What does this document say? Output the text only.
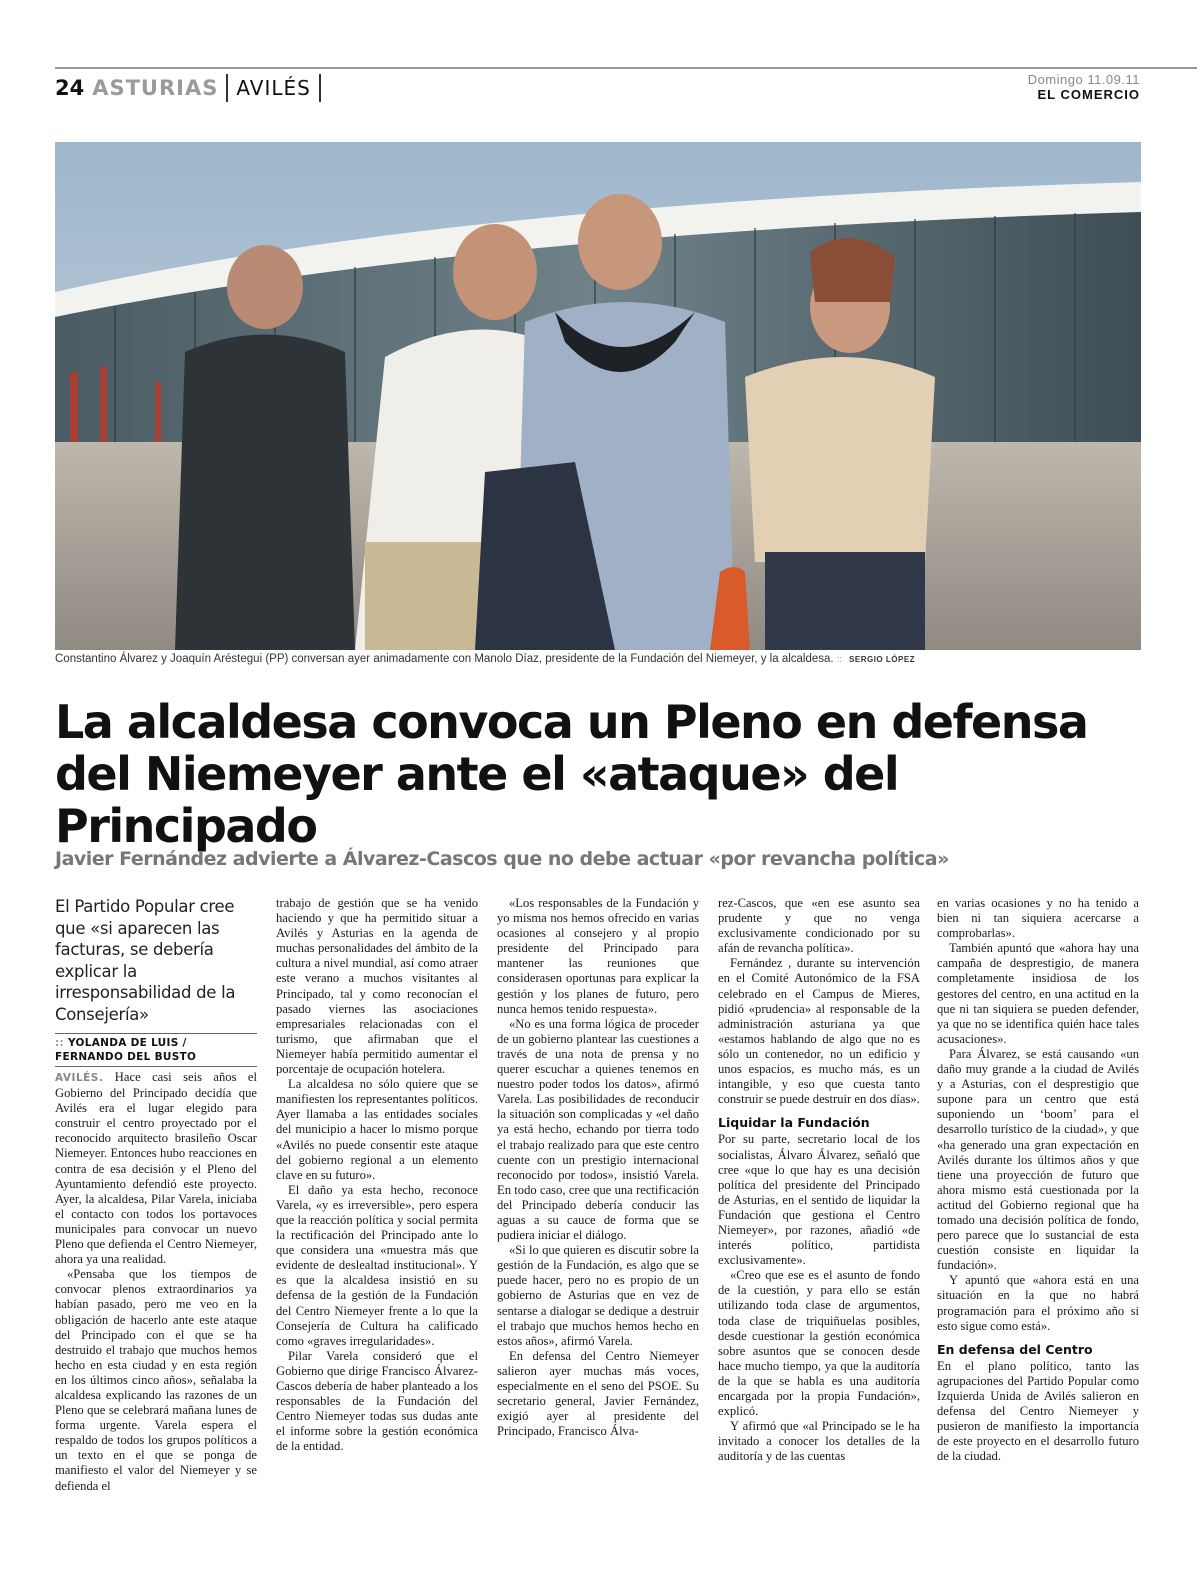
24 ASTURIAS AVILÉS	Domingo 11.09.11
EL COMERCIO
Constantino Álvarez y Joaquín Aréstegui (PP) conversan ayer animadamente con Manolo Díaz, presidente de la Fundación del Niemeyer, y la alcaldesa. :: SERGIO LÓPEZ
La alcaldesa convoca un Pleno en defensa del Niemeyer ante el «ataque» del Principado
Javier Fernández advierte a Álvarez-Cascos que no debe actuar «por revancha política»
El Partido Popular cree que «si aparecen las facturas, se debería explicar la irresponsabilidad de la Consejería»
:: YOLANDA DE LUIS /
FERNANDO DEL BUSTO

AVILÉS. Hace casi seis años el Gobierno del Principado decidía que Avilés era el lugar elegido para construir el centro proyectado por el reconocido arquitecto brasileño Oscar Niemeyer. Entonces hubo reacciones en contra de esa decisión y el Pleno del Ayuntamiento defendió este proyecto. Ayer, la alcaldesa, Pilar Varela, iniciaba el contacto con todos los portavoces municipales para convocar un nuevo Pleno que defienda el Centro Niemeyer, ahora ya una realidad.

«Pensaba que los tiempos de convocar plenos extraordinarios ya habían pasado, pero me veo en la obligación de hacerlo ante este ataque del Principado con el que se ha destruido el trabajo que muchos hemos hecho en esta ciudad y en esta región en los últimos cinco años», señalaba la alcaldesa explicando las razones de un Pleno que se celebrará mañana lunes de forma urgente. Varela espera el respaldo de todos los grupos políticos a un texto en el que se ponga de manifiesto el valor del Niemeyer y se defienda el

trabajo de gestión que se ha venido haciendo y que ha permitido situar a Avilés y Asturias en la agenda de muchas personalidades del ámbito de la cultura a nivel mundial, así como atraer este verano a muchos visitantes al Principado, tal y como reconocían el pasado viernes las asociaciones empresariales relacionadas con el turismo, que afirmaban que el Niemeyer había permitido aumentar el porcentaje de ocupación hotelera.

La alcaldesa no sólo quiere que se manifiesten los representantes políticos. Ayer llamaba a las entidades sociales del municipio a hacer lo mismo porque «Avilés no puede consentir este ataque del gobierno regional a un elemento clave en su futuro».

El daño ya esta hecho, reconoce Varela, «y es irreversible», pero espera que la reacción política y social permita la rectificación del Principado ante lo que considera una «muestra más que evidente de deslealtad institucional». Y es que la alcaldesa insistió en su defensa de la gestión de la Fundación del Centro Niemeyer frente a lo que la Consejería de Cultura ha calificado como «graves irregularidades».

Pilar Varela consideró que el Gobierno que dirige Francisco Álvarez-Cascos debería de haber planteado a los responsables de la Fundación del Centro Niemeyer todas sus dudas ante el informe sobre la gestión económica de la entidad.

«Los responsables de la Fundación y yo misma nos hemos ofrecido en varias ocasiones al consejero y al propio presidente del Principado para mantener las reuniones que considerasen oportunas para explicar la gestión y los planes de futuro, pero nunca hemos tenido respuesta».

«No es una forma lógica de proceder de un gobierno plantear las cuestiones a través de una nota de prensa y no querer escuchar a quienes tenemos en nuestro poder todos los datos», afirmó Varela. Las posibilidades de reconducir la situación son complicadas y «el daño ya está hecho, echando por tierra todo el trabajo realizado para que este centro cuente con un prestigio internacional reconocido por todos», insistió Varela. En todo caso, cree que una rectificación del Principado debería conducir las aguas a su cauce de forma que se pudiera iniciar el diálogo.

«Si lo que quieren es discutir sobre la gestión de la Fundación, es algo que se puede hacer, pero no es propio de un gobierno de Asturias que en vez de sentarse a dialogar se dedique a destruir el trabajo que muchos hemos hecho en estos años», afirmó Varela.

En defensa del Centro Niemeyer salieron ayer muchas más voces, especialmente en el seno del PSOE. Su secretario general, Javier Fernández, exigió ayer al presidente del Principado, Francisco Álva-

rez-Cascos, que «en ese asunto sea prudente y que no venga exclusivamente condicionado por su afán de revancha política».

Fernández , durante su intervención en el Comité Autonómico de la FSA celebrado en el Campus de Mieres, pidió «prudencia» al responsable de la administración asturiana ya que «estamos hablando de algo que no es sólo un contenedor, no un edificio y unos espacios, es mucho más, es un intangible, y eso que cuesta tanto construir se puede destruir en dos días».

Liquidar la Fundación

Por su parte, secretario local de los socialistas, Álvaro Álvarez, señaló que cree «que lo que hay es una decisión política del presidente del Principado de Asturias, en el sentido de liquidar la Fundación que gestiona el Centro Niemeyer», por razones, añadió «de interés político, partidista exclusivamente».

«Creo que ese es el asunto de fondo de la cuestión, y para ello se están utilizando toda clase de argumentos, toda clase de triquiñuelas posibles, desde cuestionar la gestión económica sobre asuntos que se conocen desde hace mucho tiempo, ya que la auditoría de la que se habla es una auditoría encargada por la propia Fundación», explicó.

Y afirmó que «al Principado se le ha invitado a conocer los detalles de la auditoría y de las cuentas

en varias ocasiones y no ha tenido a bien ni tan siquiera acercarse a comprobarlas».

También apuntó que «ahora hay una campaña de desprestigio, de manera completamente insidiosa de los gestores del centro, en una actitud en la que ni tan siquiera se pueden defender, ya que no se identifica quién hace tales acusaciones».

Para Álvarez, se está causando «un daño muy grande a la ciudad de Avilés y a Asturias, con el desprestigio que supone para un centro que está suponiendo un ‘boom’ para el desarrollo turístico de la ciudad», y que «ha generado una gran expectación en Avilés durante los últimos años y que tiene una proyección de futuro que ahora mismo está cuestionada por la actitud del Gobierno regional que ha tomado una decisión política de fondo, pero parece que lo sustancial de esta cuestión consiste en liquidar la fundación».

Y apuntó que «ahora está en una situación en la que no habrá programación para el próximo año si esto sigue como está».

En defensa del Centro

En el plano político, tanto las agrupaciones del Partido Popular como Izquierda Unida de Avilés salieron en defensa del Centro Niemeyer y pusieron de manifiesto la importancia de este proyecto en el desarrollo futuro de la ciudad.
